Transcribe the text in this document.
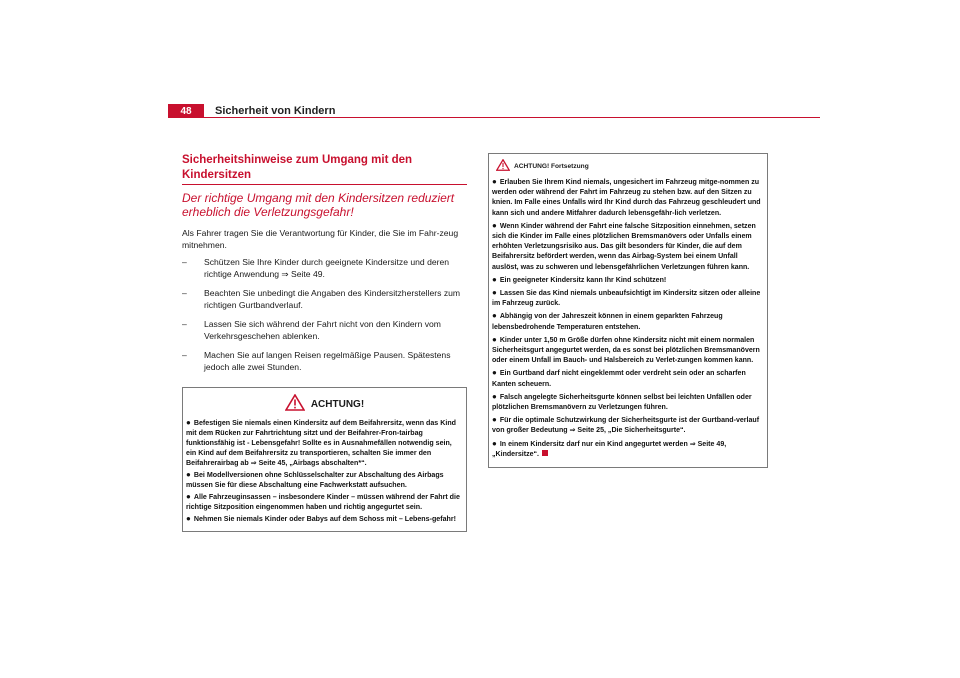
48	Sicherheit von Kindern
Sicherheitshinweise zum Umgang mit den Kindersitzen
Der richtige Umgang mit den Kindersitzen reduziert erheblich die Verletzungsgefahr!
Als Fahrer tragen Sie die Verantwortung für Kinder, die Sie im Fahr-zeug mitnehmen.
– Schützen Sie Ihre Kinder durch geeignete Kindersitze und deren richtige Anwendung ⇒ Seite 49.
– Beachten Sie unbedingt die Angaben des Kindersitzherstellers zum richtigen Gurtbandverlauf.
– Lassen Sie sich während der Fahrt nicht von den Kindern vom Verkehrsgeschehen ablenken.
– Machen Sie auf langen Reisen regelmäßige Pausen. Spätestens jedoch alle zwei Stunden.
ACHTUNG!
● Befestigen Sie niemals einen Kindersitz auf dem Beifahrersitz, wenn das Kind mit dem Rücken zur Fahrtrichtung sitzt und der Beifahrer-Fron-tairbag funktionsfähig ist - Lebensgefahr! Sollte es in Ausnahmefällen notwendig sein, ein Kind auf dem Beifahrersitz zu transportieren, schalten Sie immer den Beifahrerairbag ab ⇒ Seite 45, „Airbags abschalten*“.
● Bei Modellversionen ohne Schlüsselschalter zur Abschaltung des Airbags müssen Sie für diese Abschaltung eine Fachwerkstatt aufsuchen.
● Alle Fahrzeuginsassen – insbesondere Kinder – müssen während der Fahrt die richtige Sitzposition eingenommen haben und richtig angegurtet sein.
● Nehmen Sie niemals Kinder oder Babys auf dem Schoss mit – Lebens-gefahr!
ACHTUNG! Fortsetzung
● Erlauben Sie Ihrem Kind niemals, ungesichert im Fahrzeug mitge-nommen zu werden oder während der Fahrt im Fahrzeug zu stehen bzw. auf den Sitzen zu knien. Im Falle eines Unfalls wird Ihr Kind durch das Fahrzeug geschleudert und kann sich und andere Mitfahrer dadurch lebensgefähr-lich verletzen.
● Wenn Kinder während der Fahrt eine falsche Sitzposition einnehmen, setzen sich die Kinder im Falle eines plötzlichen Bremsmanövers oder Unfalls einem erhöhten Verletzungsrisiko aus. Das gilt besonders für Kinder, die auf dem Beifahrersitz befördert werden, wenn das Airbag-System bei einem Unfall auslöst, was zu schweren und lebensgefährlichen Verletzungen führen kann.
● Ein geeigneter Kindersitz kann Ihr Kind schützen!
● Lassen Sie das Kind niemals unbeaufsichtigt im Kindersitz sitzen oder alleine im Fahrzeug zurück.
● Abhängig von der Jahreszeit können in einem geparkten Fahrzeug lebensbedrohende Temperaturen entstehen.
● Kinder unter 1,50 m Größe dürfen ohne Kindersitz nicht mit einem normalen Sicherheitsgurt angegurtet werden, da es sonst bei plötzlichen Bremsmanövern oder einem Unfall im Bauch- und Halsbereich zu Verlet-zungen kommen kann.
● Ein Gurtband darf nicht eingeklemmt oder verdreht sein oder an scharfen Kanten scheuern.
● Falsch angelegte Sicherheitsgurte können selbst bei leichten Unfällen oder plötzlichen Bremsmanövern zu Verletzungen führen.
● Für die optimale Schutzwirkung der Sicherheitsgurte ist der Gurtband-verlauf von großer Bedeutung ⇒ Seite 25, „Die Sicherheitsgurte“.
● In einem Kindersitz darf nur ein Kind angegurtet werden ⇒ Seite 49, „Kindersitze“.
